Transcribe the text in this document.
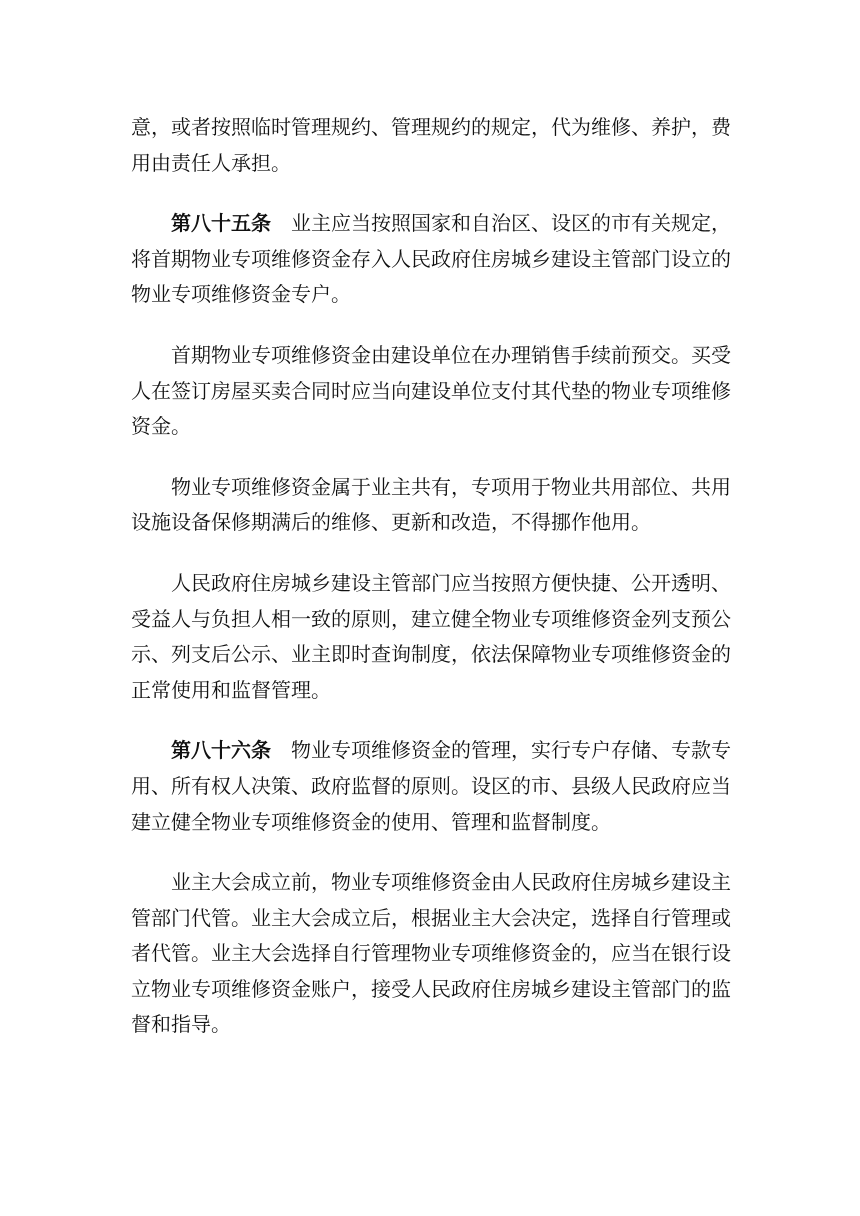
意，或者按照临时管理规约、管理规约的规定，代为维修、养护，费用由责任人承担。

第八十五条 业主应当按照国家和自治区、设区的市有关规定，将首期物业专项维修资金存入人民政府住房城乡建设主管部门设立的物业专项维修资金专户。

首期物业专项维修资金由建设单位在办理销售手续前预交。买受人在签订房屋买卖合同时应当向建设单位支付其代垫的物业专项维修资金。

物业专项维修资金属于业主共有，专项用于物业共用部位、共用设施设备保修期满后的维修、更新和改造，不得挪作他用。

人民政府住房城乡建设主管部门应当按照方便快捷、公开透明、受益人与负担人相一致的原则，建立健全物业专项维修资金列支预公示、列支后公示、业主即时查询制度，依法保障物业专项维修资金的正常使用和监督管理。

第八十六条 物业专项维修资金的管理，实行专户存储、专款专用、所有权人决策、政府监督的原则。设区的市、县级人民政府应当建立健全物业专项维修资金的使用、管理和监督制度。

业主大会成立前，物业专项维修资金由人民政府住房城乡建设主管部门代管。业主大会成立后，根据业主大会决定，选择自行管理或者代管。业主大会选择自行管理物业专项维修资金的，应当在银行设立物业专项维修资金账户，接受人民政府住房城乡建设主管部门的监督和指导。
